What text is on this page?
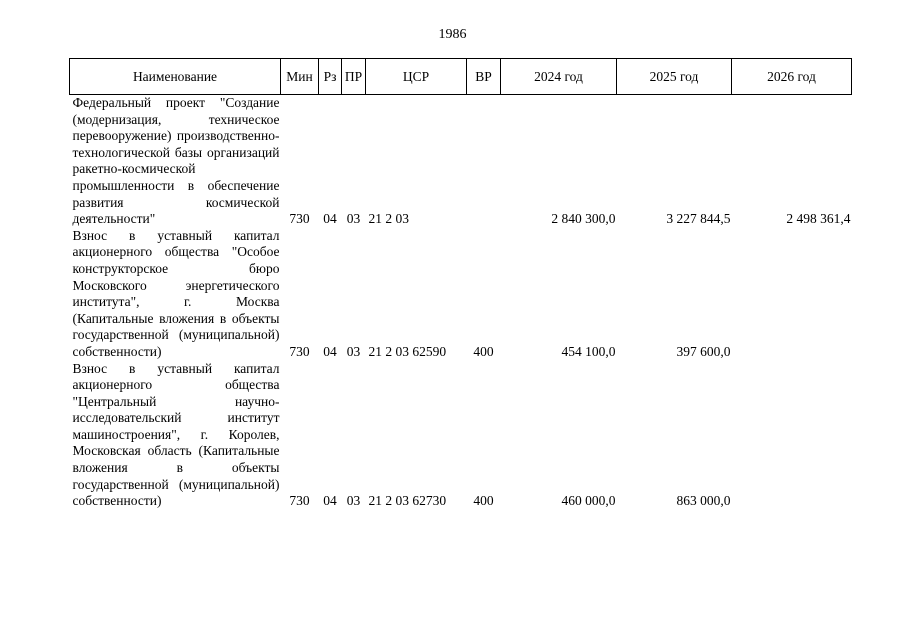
1986
Наименование	Мин	Рз	ПР	ЦСР	ВР	2024 год	2025 год	2026 год
Федеральный проект "Создание (модернизация, техническое перевооружение) производственно-технологической базы организаций ракетно-космической промышленности в обеспечение развития космической деятельности"	730	04	03	21 2 03		2 840 300,0	3 227 844,5	2 498 361,4
Взнос в уставный капитал акционерного общества "Особое конструкторское бюро Московского энергетического института", г. Москва (Капитальные вложения в объекты государственной (муниципальной) собственности)	730	04	03	21 2 03 62590	400	454 100,0	397 600,0	
Взнос в уставный капитал акционерного общества "Центральный научно-исследовательский институт машиностроения", г. Королев, Московская область (Капитальные вложения в объекты государственной (муниципальной) собственности)	730	04	03	21 2 03 62730	400	460 000,0	863 000,0	
